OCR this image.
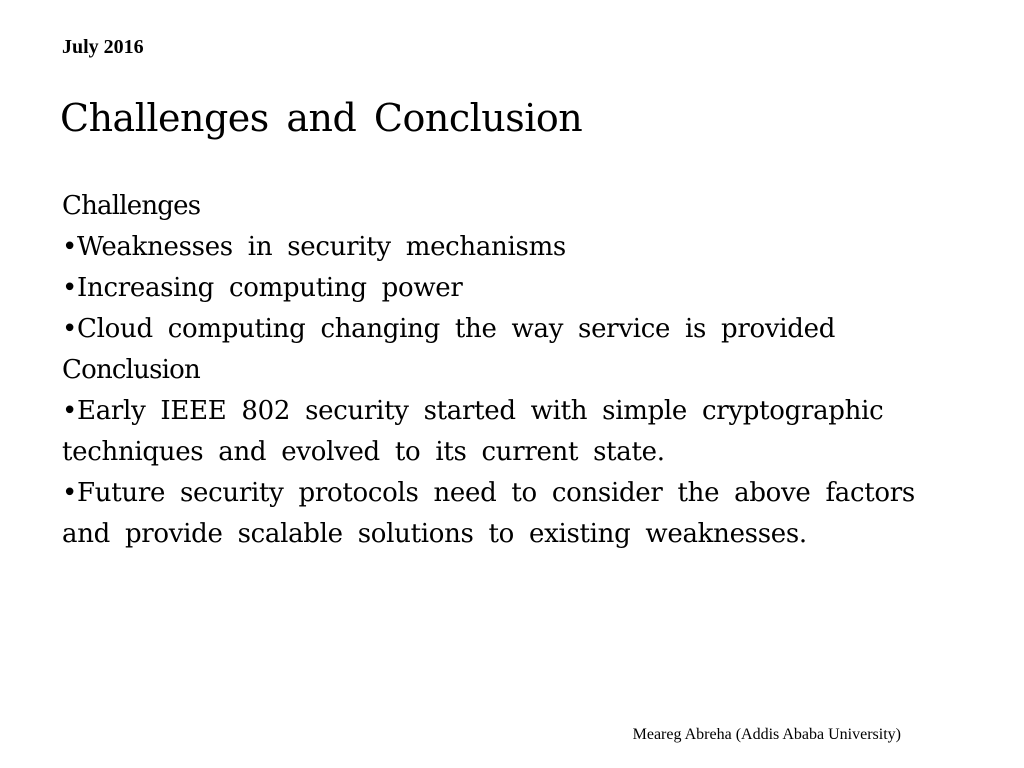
July 2016
Challenges and Conclusion
Challenges
•Weaknesses in security mechanisms
•Increasing computing power
•Cloud computing changing the way service is provided
Conclusion
•Early IEEE 802 security started with simple cryptographic techniques and evolved to its current state.
•Future security protocols need to consider the above factors and provide scalable solutions to existing weaknesses.
Meareg Abreha (Addis Ababa University)
